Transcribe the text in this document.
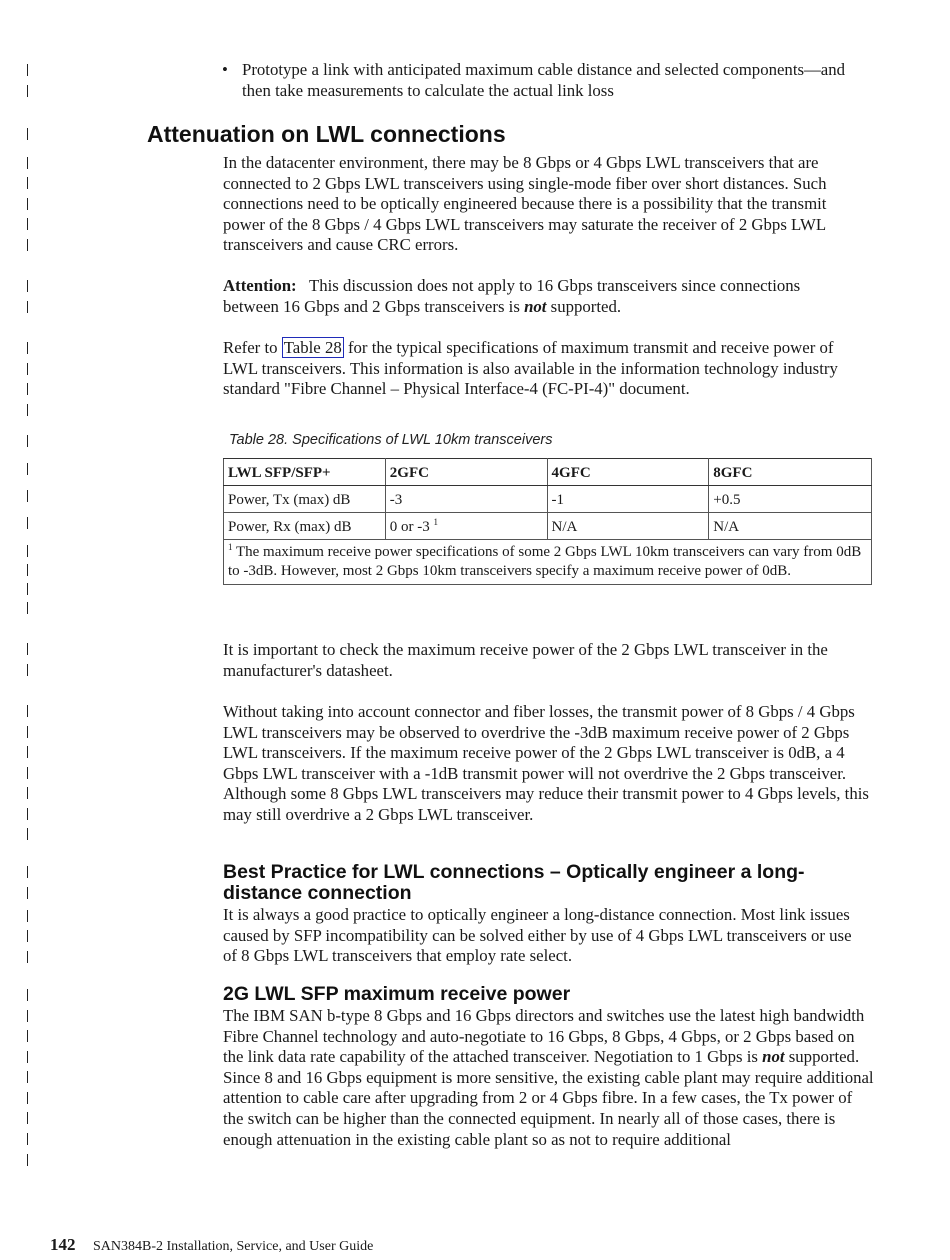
• Prototype a link with anticipated maximum cable distance and selected components—and then take measurements to calculate the actual link loss
Attenuation on LWL connections
In the datacenter environment, there may be 8 Gbps or 4 Gbps LWL transceivers that are connected to 2 Gbps LWL transceivers using single-mode fiber over short distances. Such connections need to be optically engineered because there is a possibility that the transmit power of the 8 Gbps / 4 Gbps LWL transceivers may saturate the receiver of 2 Gbps LWL transceivers and cause CRC errors.
Attention: This discussion does not apply to 16 Gbps transceivers since connections between 16 Gbps and 2 Gbps transceivers is not supported.
Refer to Table 28 for the typical specifications of maximum transmit and receive power of LWL transceivers. This information is also available in the information technology industry standard "Fibre Channel – Physical Interface-4 (FC-PI-4)" document.
Table 28. Specifications of LWL 10km transceivers
LWL SFP/SFP+	2GFC	4GFC	8GFC
Power, Tx (max) dB	-3	-1	+0.5
Power, Rx (max) dB	0 or -3 $^1$	N/A	N/A
$^1$ The maximum receive power specifications of some 2 Gbps LWL 10km transceivers can vary from 0dB to -3dB. However, most 2 Gbps 10km transceivers specify a maximum receive power of 0dB.			
It is important to check the maximum receive power of the 2 Gbps LWL transceiver in the manufacturer's datasheet.
Without taking into account connector and fiber losses, the transmit power of 8 Gbps / 4 Gbps LWL transceivers may be observed to overdrive the -3dB maximum receive power of 2 Gbps LWL transceivers. If the maximum receive power of the 2 Gbps LWL transceiver is 0dB, a 4 Gbps LWL transceiver with a -1dB transmit power will not overdrive the 2 Gbps transceiver. Although some 8 Gbps LWL transceivers may reduce their transmit power to 4 Gbps levels, this may still overdrive a 2 Gbps LWL transceiver.
Best Practice for LWL connections – Optically engineer a long-distance connection
It is always a good practice to optically engineer a long-distance connection. Most link issues caused by SFP incompatibility can be solved either by use of 4 Gbps LWL transceivers or use of 8 Gbps LWL transceivers that employ rate select.
2G LWL SFP maximum receive power
The IBM SAN b-type 8 Gbps and 16 Gbps directors and switches use the latest high bandwidth Fibre Channel technology and auto-negotiate to 16 Gbps, 8 Gbps, 4 Gbps, or 2 Gbps based on the link data rate capability of the attached transceiver. Negotiation to 1 Gbps is not supported. Since 8 and 16 Gbps equipment is more sensitive, the existing cable plant may require additional attention to cable care after upgrading from 2 or 4 Gbps fibre. In a few cases, the Tx power of the switch can be higher than the connected equipment. In nearly all of those cases, there is enough attenuation in the existing cable plant so as not to require additional
142 SAN384B-2 Installation, Service, and User Guide
